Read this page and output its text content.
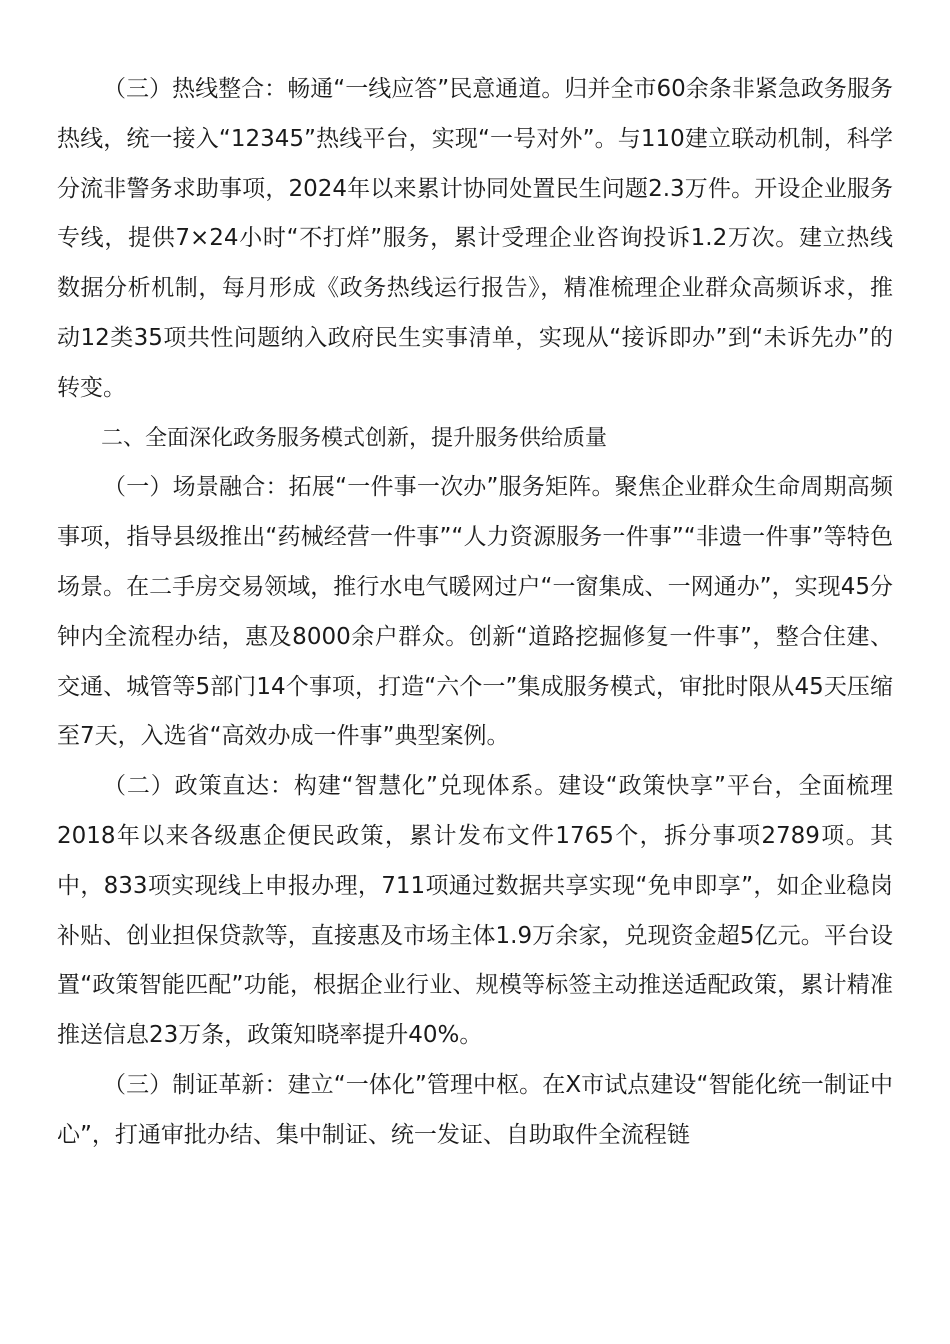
（三）热线整合：畅通“一线应答”民意通道。归并全市60余条非紧急政务服务热线，统一接入“12345”热线平台，实现“一号对外”。与110建立联动机制，科学分流非警务求助事项，2024年以来累计协同处置民生问题2.3万件。开设企业服务专线，提供7×24小时“不打烊”服务，累计受理企业咨询投诉1.2万次。建立热线数据分析机制，每月形成《政务热线运行报告》，精准梳理企业群众高频诉求，推动12类35项共性问题纳入政府民生实事清单，实现从“接诉即办”到“未诉先办”的转变。

二、全面深化政务服务模式创新，提升服务供给质量

（一）场景融合：拓展“一件事一次办”服务矩阵。聚焦企业群众生命周期高频事项，指导县级推出“药械经营一件事”“人力资源服务一件事”“非遗一件事”等特色场景。在二手房交易领域，推行水电气暖网过户“一窗集成、一网通办”，实现45分钟内全流程办结，惠及8000余户群众。创新“道路挖掘修复一件事”，整合住建、交通、城管等5部门14个事项，打造“六个一”集成服务模式，审批时限从45天压缩至7天，入选省“高效办成一件事”典型案例。

（二）政策直达：构建“智慧化”兑现体系。建设“政策快享”平台，全面梳理2018年以来各级惠企便民政策，累计发布文件1765个，拆分事项2789项。其中，833项实现线上申报办理，711项通过数据共享实现“免申即享”，如企业稳岗补贴、创业担保贷款等，直接惠及市场主体1.9万余家，兑现资金超5亿元。平台设置“政策智能匹配”功能，根据企业行业、规模等标签主动推送适配政策，累计精准推送信息23万条，政策知晓率提升40%。

（三）制证革新：建立“一体化”管理中枢。在X市试点建设“智能化统一制证中心”，打通审批办结、集中制证、统一发证、自助取件全流程链
